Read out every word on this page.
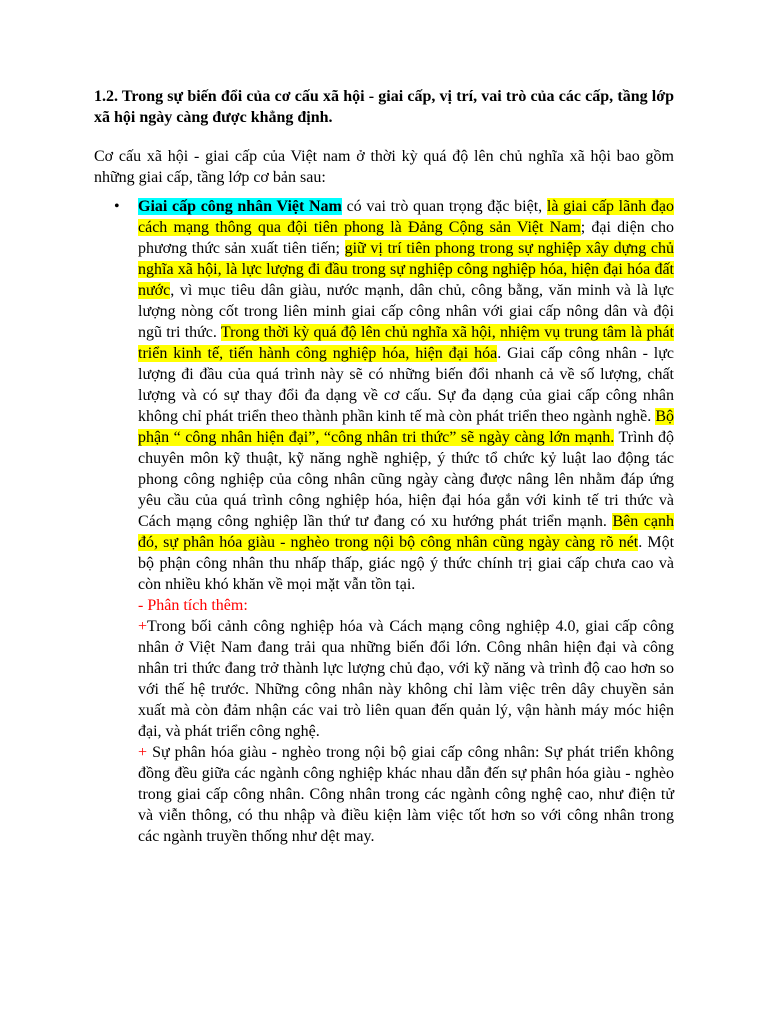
1.2. Trong sự biến đổi của cơ cấu xã hội - giai cấp, vị trí, vai trò của các cấp, tầng lớp xã hội ngày càng được khẳng định.

Cơ cấu xã hội - giai cấp của Việt nam ở thời kỳ quá độ lên chủ nghĩa xã hội bao gồm những giai cấp, tầng lớp cơ bản sau:

• Giai cấp công nhân Việt Nam có vai trò quan trọng đặc biệt, là giai cấp lãnh đạo cách mạng thông qua đội tiên phong là Đảng Cộng sản Việt Nam; đại diện cho phương thức sản xuất tiên tiến; giữ vị trí tiên phong trong sự nghiệp xây dựng chủ nghĩa xã hội, là lực lượng đi đầu trong sự nghiệp công nghiệp hóa, hiện đại hóa đất nước, vì mục tiêu dân giàu, nước mạnh, dân chủ, công bằng, văn minh và là lực lượng nòng cốt trong liên minh giai cấp công nhân với giai cấp nông dân và đội ngũ tri thức. Trong thời kỳ quá độ lên chủ nghĩa xã hội, nhiệm vụ trung tâm là phát triển kinh tế, tiến hành công nghiệp hóa, hiện đại hóa. Giai cấp công nhân - lực lượng đi đầu của quá trình này sẽ có những biến đổi nhanh cả về số lượng, chất lượng và có sự thay đổi đa dạng về cơ cấu. Sự đa dạng của giai cấp công nhân không chỉ phát triển theo thành phần kinh tế mà còn phát triển theo ngành nghề. Bộ phận “ công nhân hiện đại”, “công nhân tri thức” sẽ ngày càng lớn mạnh. Trình độ chuyên môn kỹ thuật, kỹ năng nghề nghiệp, ý thức tổ chức kỷ luật lao động tác phong công nghiệp của công nhân cũng ngày càng được nâng lên nhằm đáp ứng yêu cầu của quá trình công nghiệp hóa, hiện đại hóa gắn với kinh tế tri thức và Cách mạng công nghiệp lần thứ tư đang có xu hướng phát triển mạnh. Bên cạnh đó, sự phân hóa giàu - nghèo trong nội bộ công nhân cũng ngày càng rõ nét. Một bộ phận công nhân thu nhấp thấp, giác ngộ ý thức chính trị giai cấp chưa cao và còn nhiều khó khăn về mọi mặt vẫn tồn tại.
- Phân tích thêm:
+Trong bối cảnh công nghiệp hóa và Cách mạng công nghiệp 4.0, giai cấp công nhân ở Việt Nam đang trải qua những biến đổi lớn. Công nhân hiện đại và công nhân tri thức đang trở thành lực lượng chủ đạo, với kỹ năng và trình độ cao hơn so với thế hệ trước. Những công nhân này không chỉ làm việc trên dây chuyền sản xuất mà còn đảm nhận các vai trò liên quan đến quản lý, vận hành máy móc hiện đại, và phát triển công nghệ.
+ Sự phân hóa giàu - nghèo trong nội bộ giai cấp công nhân: Sự phát triển không đồng đều giữa các ngành công nghiệp khác nhau dẫn đến sự phân hóa giàu - nghèo trong giai cấp công nhân. Công nhân trong các ngành công nghệ cao, như điện tử và viễn thông, có thu nhập và điều kiện làm việc tốt hơn so với công nhân trong các ngành truyền thống như dệt may.
